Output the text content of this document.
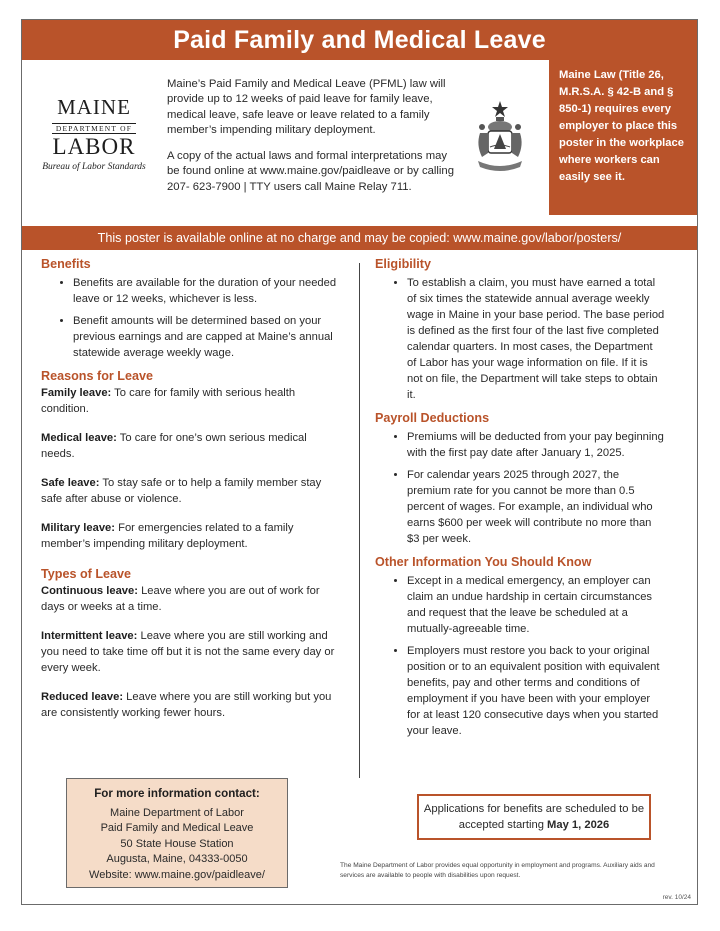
Paid Family and Medical Leave
MAINE
DEPARTMENT OF
LABOR
Bureau of Labor Standards

Maine’s Paid Family and Medical Leave (PFML) law will provide up to 12 weeks of paid leave for family leave, medical leave, safe leave or leave related to a family member’s impending military deployment.

A copy of the actual laws and formal interpretations may be found online at www.maine.gov/paidleave or by calling 207- 623-7900 | TTY users call Maine Relay 711.

Maine Law (Title 26, M.R.S.A. § 42-B and § 850-1) requires every employer to place this poster in the workplace where workers can easily see it.
This poster is available online at no charge and may be copied: www.maine.gov/labor/posters/
Benefits
• Benefits are available for the duration of your needed leave or 12 weeks, whichever is less.
• Benefit amounts will be determined based on your previous earnings and are capped at Maine’s annual statewide average weekly wage.
Reasons for Leave
Family leave: To care for family with serious health condition.
Medical leave: To care for one’s own serious medical needs.
Safe leave: To stay safe or to help a family member stay safe after abuse or violence.
Military leave: For emergencies related to a family member’s impending military deployment.
Types of Leave
Continuous leave: Leave where you are out of work for days or weeks at a time.
Intermittent leave: Leave where you are still working and you need to take time off but it is not the same every day or every week.
Reduced leave: Leave where you are still working but you are consistently working fewer hours.
Eligibility
• To establish a claim, you must have earned a total of six times the statewide annual average weekly wage in Maine in your base period. The base period is defined as the first four of the last five completed calendar quarters. In most cases, the Department of Labor has your wage information on file. If it is not on file, the Department will take steps to obtain it.
Payroll Deductions
• Premiums will be deducted from your pay beginning with the first pay date after January 1, 2025.
• For calendar years 2025 through 2027, the premium rate for you cannot be more than 0.5 percent of wages. For example, an individual who earns $600 per week will contribute no more than $3 per week.
Other Information You Should Know
• Except in a medical emergency, an employer can claim an undue hardship in certain circumstances and request that the leave be scheduled at a mutually-agreeable time.
• Employers must restore you back to your original position or to an equivalent position with equivalent benefits, pay and other terms and conditions of employment if you have been with your employer for at least 120 consecutive days when you started your leave.
For more information contact:
Maine Department of Labor
Paid Family and Medical Leave
50 State House Station
Augusta, Maine, 04333-0050
Website: www.maine.gov/paidleave/
Applications for benefits are scheduled to be accepted starting May 1, 2026
The Maine Department of Labor provides equal opportunity in employment and programs. Auxiliary aids and services are available to people with disabilities upon request.
rev. 10/24
